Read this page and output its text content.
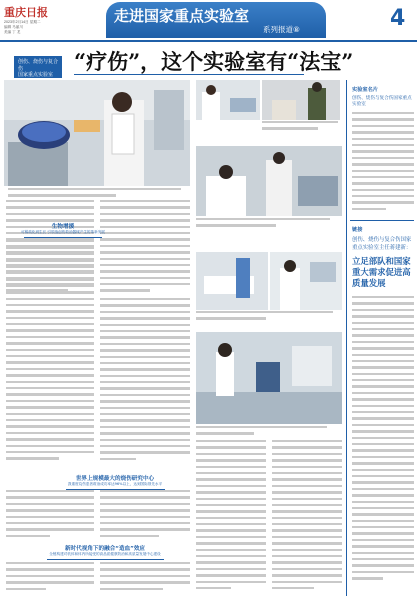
重庆日报
2023年2月14日 星期二
编辑 马丽川
美编 丁 龙
走进国家重点实验室
系列报道⑧	4
创伤、烧伤与复合伤
国家重点实验室
“疗伤”，这个实验室有“法宝”
生物增援
可稀疏化到生长 引领战创伤救治器械产生的革新发展
世界上规模最大的烧伤研究中心
我重度烧伤患者救治成功率达96%以上，达到国际领先水平
新时代视角下的融合“造血”效应
全链构建对机体和体内所接受的高品质健康防治和高质量发展中心建设
实验室名片
创伤、烧伤与复合伤国家重点实验室
链接
创伤、烧伤与复合伤国家重点实验室主任蒋建新：
立足部队和国家重大需求促进高质量发展
